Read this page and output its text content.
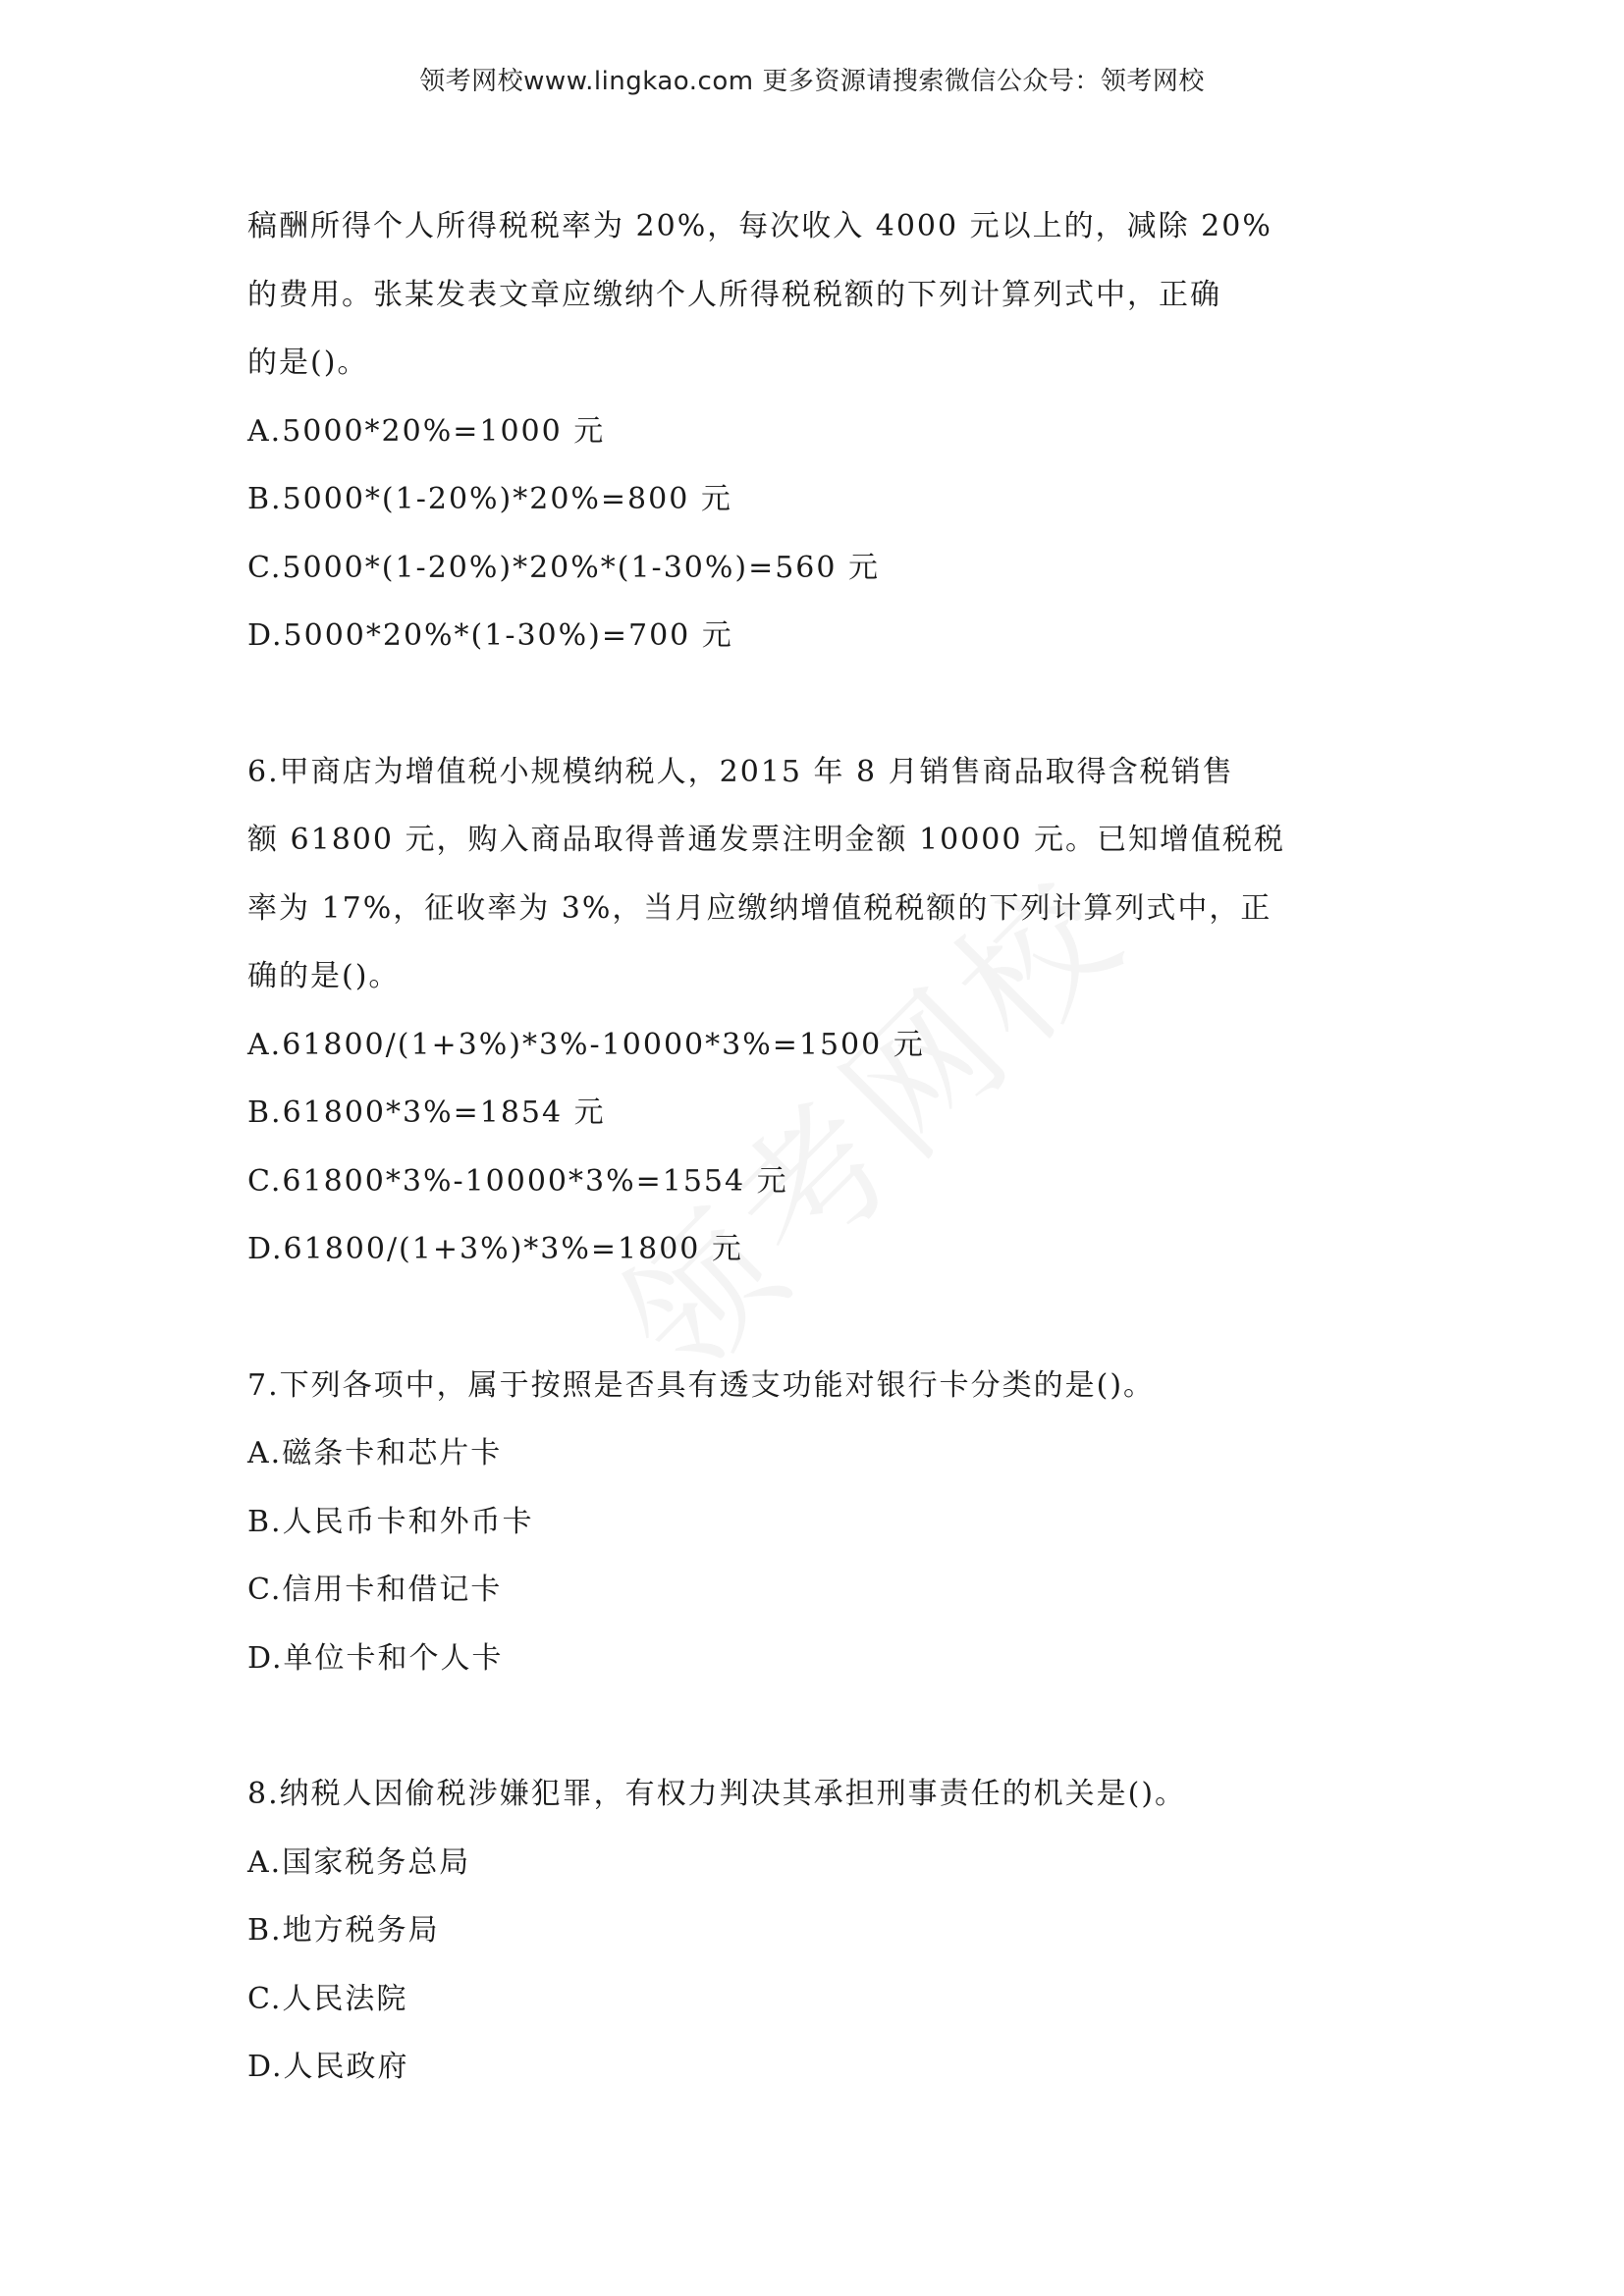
领考网校www.lingkao.com 更多资源请搜索微信公众号：领考网校
稿酬所得个人所得税税率为 20%，每次收入 4000 元以上的，减除 20%
的费用。张某发表文章应缴纳个人所得税税额的下列计算列式中，正确
的是()。
A.5000*20%=1000 元
B.5000*(1-20%)*20%=800 元
C.5000*(1-20%)*20%*(1-30%)=560 元
D.5000*20%*(1-30%)=700 元
6.甲商店为增值税小规模纳税人，2015 年 8 月销售商品取得含税销售
额 61800 元，购入商品取得普通发票注明金额 10000 元。已知增值税税
率为 17%，征收率为 3%，当月应缴纳增值税税额的下列计算列式中，正
确的是()。
A.61800/(1+3%)*3%-10000*3%=1500 元
B.61800*3%=1854 元
C.61800*3%-10000*3%=1554 元
D.61800/(1+3%)*3%=1800 元
7.下列各项中，属于按照是否具有透支功能对银行卡分类的是()。
A.磁条卡和芯片卡
B.人民币卡和外币卡
C.信用卡和借记卡
D.单位卡和个人卡
8.纳税人因偷税涉嫌犯罪，有权力判决其承担刑事责任的机关是()。
A.国家税务总局
B.地方税务局
C.人民法院
D.人民政府
